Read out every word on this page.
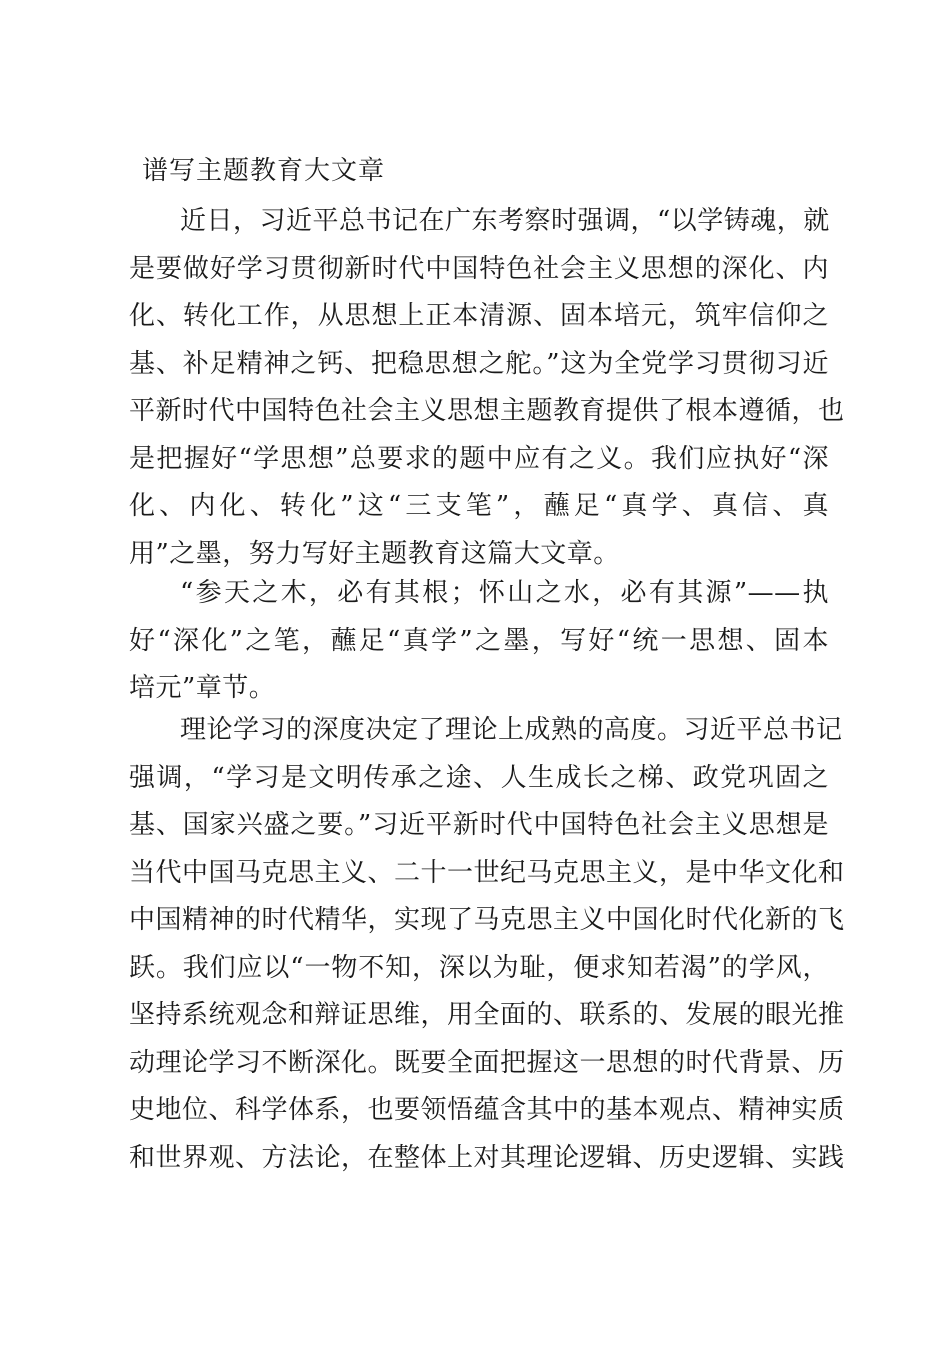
谱写主题教育大文章
近日，习近平总书记在广东考察时强调，“以学铸魂，就
是要做好学习贯彻新时代中国特色社会主义思想的深化、内
化、转化工作，从思想上正本清源、固本培元，筑牢信仰之
基、补足精神之钙、把稳思想之舵。”这为全党学习贯彻习近
平新时代中国特色社会主义思想主题教育提供了根本遵循，也
是把握好“学思想”总要求的题中应有之义。我们应执好“深
化、内化、转化”这“三支笔”，蘸足“真学、真信、真
用”之墨，努力写好主题教育这篇大文章。
“参天之木，必有其根；怀山之水，必有其源”——执
好“深化”之笔，蘸足“真学”之墨，写好“统一思想、固本
培元”章节。
理论学习的深度决定了理论上成熟的高度。习近平总书记
强调，“学习是文明传承之途、人生成长之梯、政党巩固之
基、国家兴盛之要。”习近平新时代中国特色社会主义思想是
当代中国马克思主义、二十一世纪马克思主义，是中华文化和
中国精神的时代精华，实现了马克思主义中国化时代化新的飞
跃。我们应以“一物不知，深以为耻，便求知若渴”的学风，
坚持系统观念和辩证思维，用全面的、联系的、发展的眼光推
动理论学习不断深化。既要全面把握这一思想的时代背景、历
史地位、科学体系，也要领悟蕴含其中的基本观点、精神实质
和世界观、方法论，在整体上对其理论逻辑、历史逻辑、实践
